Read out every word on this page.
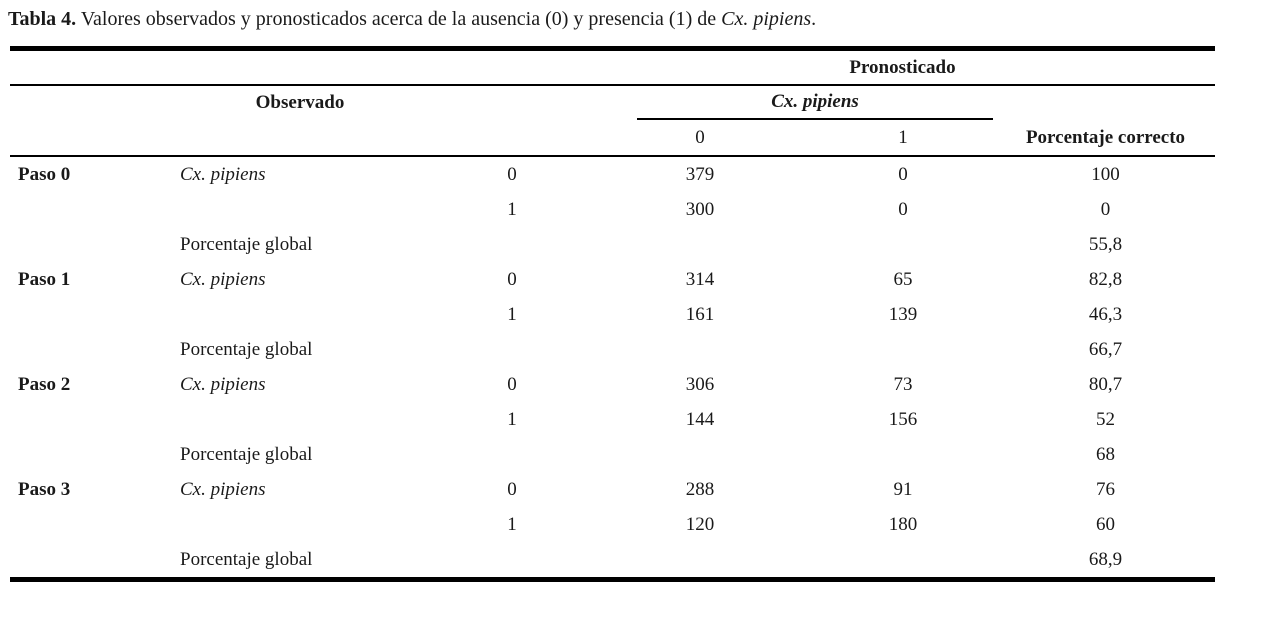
Tabla 4. Valores observados y pronosticados acerca de la ausencia (0) y presencia (1) de Cx. pipiens.

			Pronosticado		
Observado			Cx. pipiens		

			0	1	Porcentaje correcto
Paso 0	Cx. pipiens	0	379	0	100
		1	300	0	0
	Porcentaje global				55,8
Paso 1	Cx. pipiens	0	314	65	82,8
		1	161	139	46,3
	Porcentaje global				66,7
Paso 2	Cx. pipiens	0	306	73	80,7
		1	144	156	52
	Porcentaje global				68
Paso 3	Cx. pipiens	0	288	91	76
		1	120	180	60
	Porcentaje global				68,9
